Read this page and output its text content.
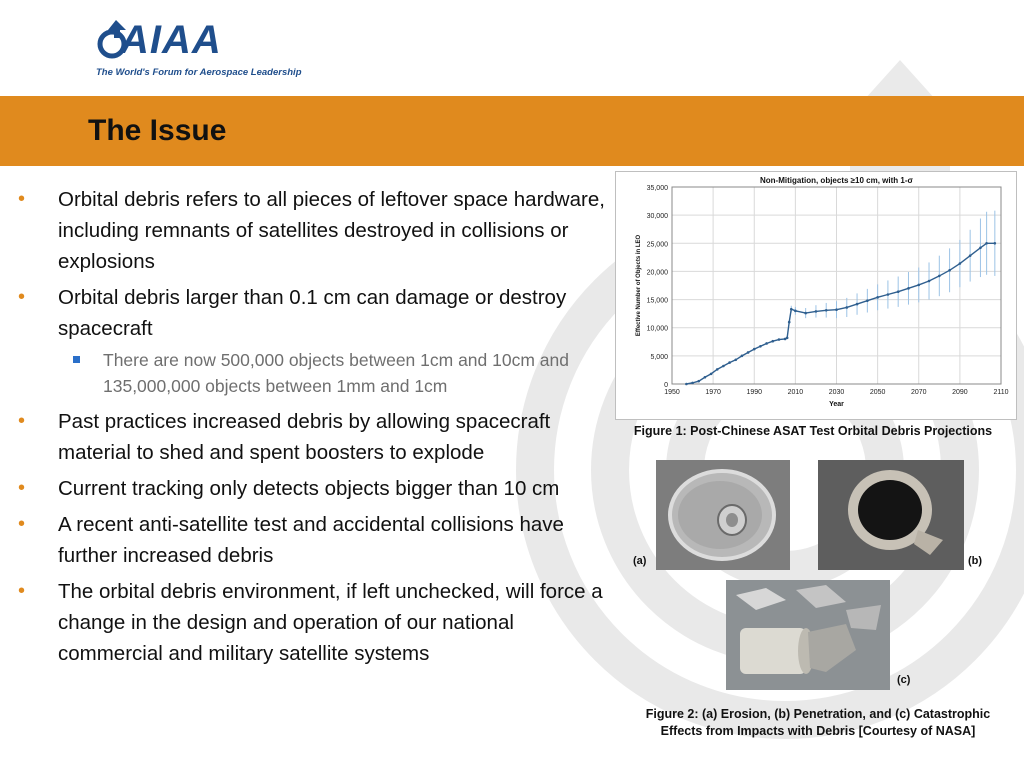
AIAA
The World's Forum for Aerospace Leadership
The Issue
• Orbital debris refers to all pieces of leftover space hardware, including remnants of satellites destroyed in collisions or explosions
• Orbital debris larger than 0.1 cm can damage or destroy spacecraft
There are now 500,000 objects between 1cm and 10cm and 135,000,000 objects between 1mm and 1cm
• Past practices increased debris by allowing spacecraft material to shed and spent boosters to explode
• Current tracking only detects objects bigger than 10 cm
• A recent anti-satellite test and accidental collisions have further increased debris
• The orbital debris environment, if left unchecked, will force a change in the design and operation of our national commercial and military satellite systems
0
5,000
10,000
15,000
20,000
25,000
30,000
35,000
1950	1970	1990	2010	2030	2050	2070	2090	2110
Non-Mitigation, objects ≥10 cm, with 1-σ
Year
Effective Number of Objects in LEO
Figure 1: Post-Chinese ASAT Test Orbital Debris Projections
(a)	(b)
(c)
Figure 2: (a) Erosion, (b) Penetration, and (c) Catastrophic Effects from Impacts with Debris [Courtesy of NASA]
